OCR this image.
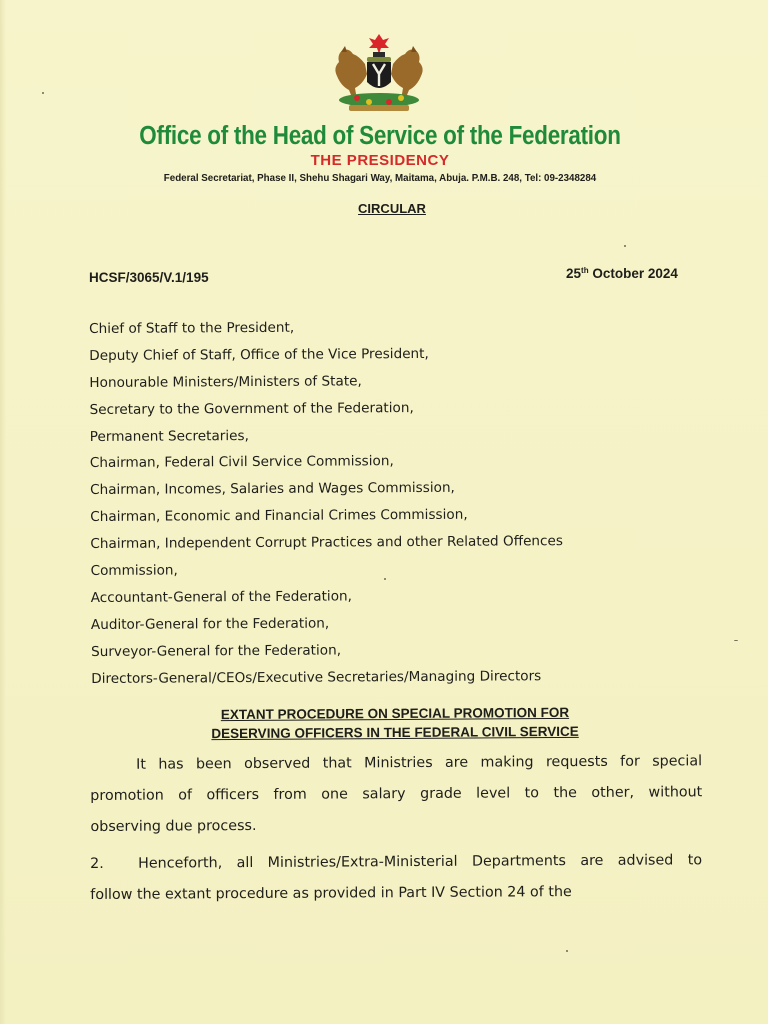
Office of the Head of Service of the Federation
THE PRESIDENCY
Federal Secretariat, Phase II, Shehu Shagari Way, Maitama, Abuja. P.M.B. 248, Tel: 09-2348284
CIRCULAR
HCSF/3065/V.1/195	25th October 2024
Chief of Staff to the President,
Deputy Chief of Staff, Office of the Vice President,
Honourable Ministers/Ministers of State,
Secretary to the Government of the Federation,
Permanent Secretaries,
Chairman, Federal Civil Service Commission,
Chairman, Incomes, Salaries and Wages Commission,
Chairman, Economic and Financial Crimes Commission,
Chairman, Independent Corrupt Practices and other Related Offences
Commission,
Accountant-General of the Federation,
Auditor-General for the Federation,
Surveyor-General for the Federation,
Directors-General/CEOs/Executive Secretaries/Managing Directors
EXTANT PROCEDURE ON SPECIAL PROMOTION FOR
DESERVING OFFICERS IN THE FEDERAL CIVIL SERVICE
It has been observed that Ministries are making requests for special
promotion of officers from one salary grade level to the other, without
observing due process.
2. Henceforth, all Ministries/Extra-Ministerial Departments are advised to
follow the extant procedure as provided in Part IV Section 24 of the
